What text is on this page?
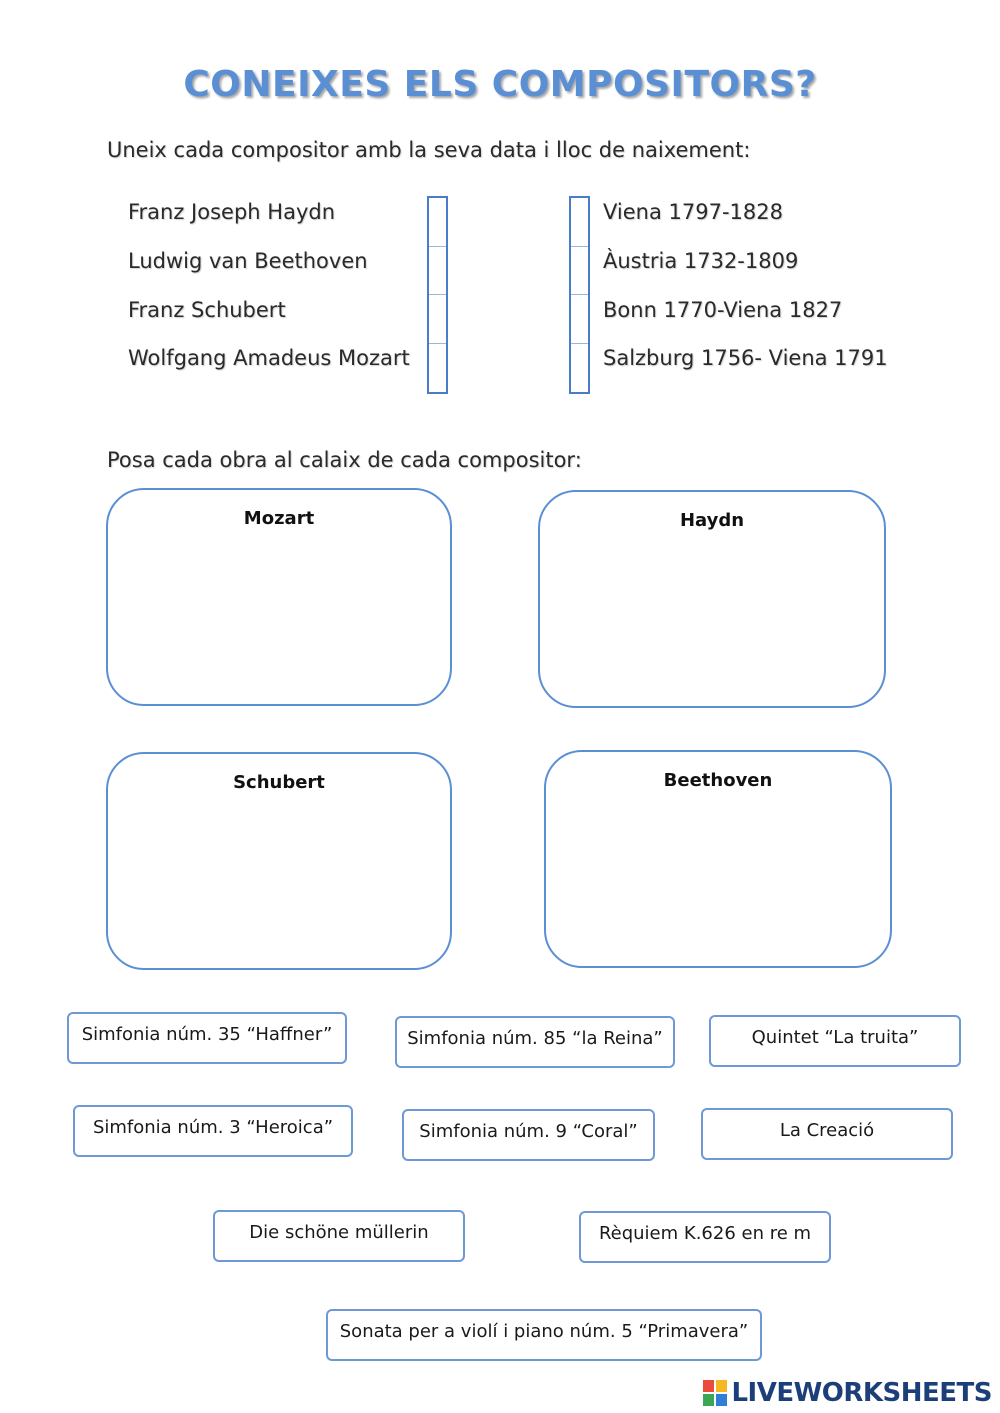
CONEIXES ELS COMPOSITORS?
Uneix cada compositor amb la seva data i lloc de naixement:
Franz Joseph Haydn
Ludwig van Beethoven
Franz Schubert
Wolfgang Amadeus Mozart
Viena 1797-1828
Àustria 1732-1809
Bonn 1770-Viena 1827
Salzburg 1756- Viena 1791
Posa cada obra al calaix de cada compositor:
Mozart	Haydn
Schubert	Beethoven
Simfonia núm. 35 “Haffner”	Simfonia núm. 85 “la Reina”	Quintet “La truita”
Simfonia núm. 3 “Heroica”	Simfonia núm. 9 “Coral”	La Creació
Die schöne müllerin	Rèquiem K.626 en re m
Sonata per a violí i piano núm. 5 “Primavera”
LIVEWORKSHEETS
